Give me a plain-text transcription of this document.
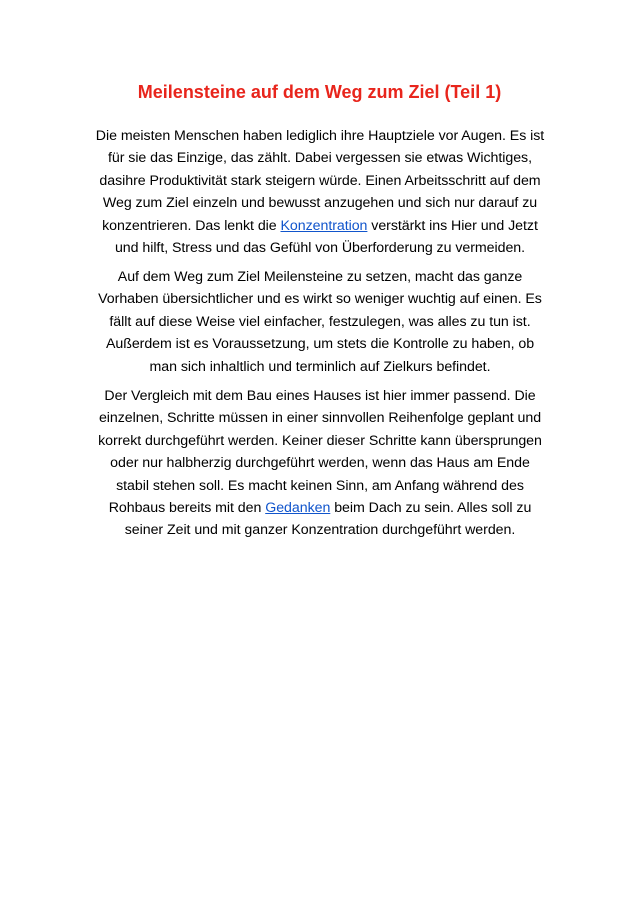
Meilensteine auf dem Weg zum Ziel (Teil 1)

Die meisten Menschen haben lediglich ihre Hauptziele vor Augen. Es ist
für sie das Einzige, das zählt. Dabei vergessen sie etwas Wichtiges,
dasihre Produktivität stark steigern würde. Einen Arbeitsschritt auf dem
Weg zum Ziel einzeln und bewusst anzugehen und sich nur darauf zu
konzentrieren. Das lenkt die Konzentration verstärkt ins Hier und Jetzt
und hilft, Stress und das Gefühl von Überforderung zu vermeiden.

Auf dem Weg zum Ziel Meilensteine zu setzen, macht das ganze
Vorhaben übersichtlicher und es wirkt so weniger wuchtig auf einen. Es
fällt auf diese Weise viel einfacher, festzulegen, was alles zu tun ist.
Außerdem ist es Voraussetzung, um stets die Kontrolle zu haben, ob
man sich inhaltlich und terminlich auf Zielkurs befindet.

Der Vergleich mit dem Bau eines Hauses ist hier immer passend. Die
einzelnen, Schritte müssen in einer sinnvollen Reihenfolge geplant und
korrekt durchgeführt werden. Keiner dieser Schritte kann übersprungen
oder nur halbherzig durchgeführt werden, wenn das Haus am Ende
stabil stehen soll. Es macht keinen Sinn, am Anfang während des
Rohbaus bereits mit den Gedanken beim Dach zu sein. Alles soll zu
seiner Zeit und mit ganzer Konzentration durchgeführt werden.
